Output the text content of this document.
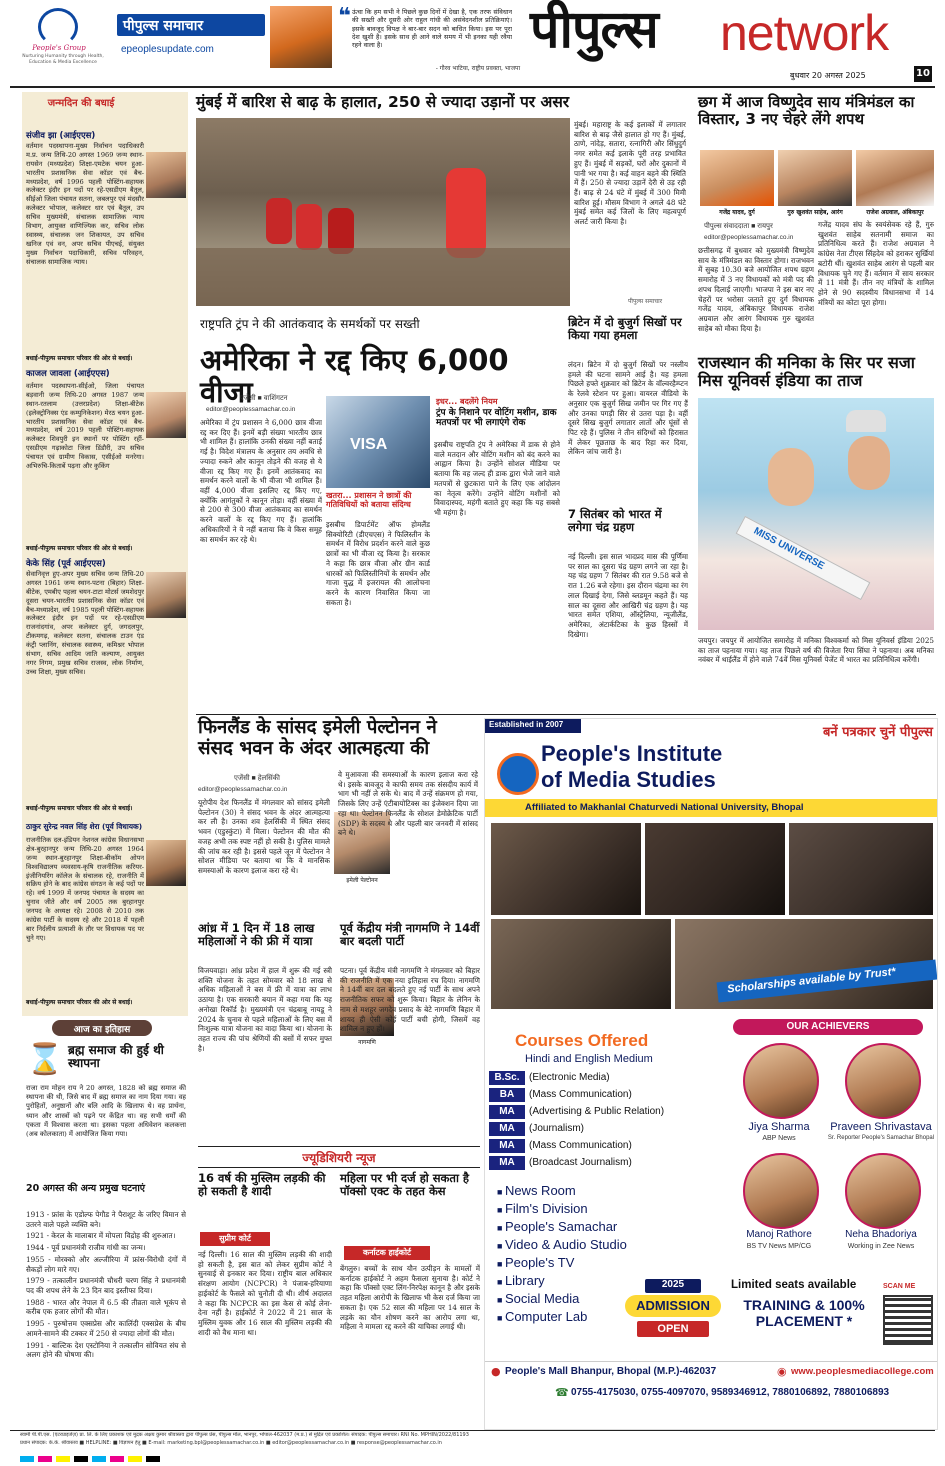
People's Group
Nurturing Humanity through Health, Education & Media Excellence
पीपुल्स समाचार
epeoplesupdate.com
❝ ऊंचा कि हम सभी ने पिछले कुछ दिनों में देखा है, एक तरफ संविधान की सख्ती और दूसरी ओर राहुल गांधी की असंवेदनशील प्रतिक्रियाएं। इसके बावजूद विपक्ष ने बार-बार सदन को बाधित किया। इस पर पूरा देश खुशी है। इसके साथ ही आने वाले समय में भी इनका यही रवैया रहने वाला है।
- गौरव भाटिया, राष्ट्रीय प्रवक्ता, भाजपा
पीपुल्स network
बुधवार 20 अगस्त 2025	10
जन्मदिन की बधाई
संजीव झा (आईएएस)
वर्तमान पदस्थापना-मुख्य निर्वाचन पदाधिकारी म.प्र. जन्म तिथि-20 अगस्त 1969 जन्म स्थान-रायसेन (मध्यप्रदेश) शिक्षा-एमटेक चयन हुआ-भारतीय प्रशासनिक सेवा कॉडर एवं बैच-मध्यप्रदेश, वर्ष 1996 पहली पोस्टिंग-सहायक कलेक्टर इंदौर इन पदों पर रहे-एसडीएम बैतूल, सीईओ जिला पंचायत सतना, जबलपुर एवं मंदसौर कलेक्टर भोपाल, कलेक्टर धार एवं बैतूल, उप सचिव मुख्यमंत्री, संचालक सामाजिक न्याय विभाग, आयुक्त वाणिज्यिक कर, सचिव लोक स्वास्थ्य, संचालक जन शिकायत, उप सचिव खनिज एवं वन, अपर सचिव पीएचई, संयुक्त मुख्य निर्वाचन पदाधिकारी, सचिव परिवहन, संचालक सामाजिक न्याय।
बधाई-पीपुल्स समाचार परिवार की ओर से बधाई।
काजल जावला (आईएएस)
वर्तमान पदस्थापना-सीईओ, जिला पंचायत बड़वानी जन्म तिथि-20 अगस्त 1987 जन्म स्थान-रतलाम (उत्तरप्रदेश) शिक्षा-बीटेक (इलेक्ट्रोनिक्स एंड कम्युनिकेशन) मेरठ चयन हुआ-भारतीय प्रशासनिक सेवा कॉडर एवं बैच-मध्यप्रदेश, वर्ष 2019 पहली पोस्टिंग-सहायक कलेक्टर शिवपुरी इन स्थानों पर पोस्टिंग रहीं-एसडीएम गढ़ाकोटा जिला डिंडौरी, उप सचिव पंचायत एवं ग्रामीण विकास, एसीईओ मनरेगा। अभिरुचि-किताबें पढ़ना और कुकिंग
बधाई-पीपुल्स समाचार परिवार की ओर से बधाई।
केके सिंह (पूर्व आईएएस)
सेवानिवृत्त हुए-अपर मुख्य सचिव जन्म तिथि-20 अगस्त 1961 जन्म स्थान-पटना (बिहार) शिक्षा-बीटेक, एमबीए पहला चयन-टाटा मोटर्स जमशेदपुर दूसरा चयन-भारतीय प्रशासनिक सेवा कॉडर एवं बैच-मध्यप्रदेश, वर्ष 1985 पहली पोस्टिंग-सहायक कलेक्टर इंदौर इन पदों पर रहे-एसडीएम राजनांदगांव, अपर कलेक्टर दुर्ग, जगदलपुर, टीकमगढ़, कलेक्टर सतना, संचालक टाउन एंड कंट्री प्लानिंग, संचालक स्वास्थ्य, कमिश्नर भोपाल संभाग, सचिव आदिम जाति कल्याण, आयुक्त नगर निगम, प्रमुख सचिव राजस्व, लोक निर्माण, उच्च शिक्षा, मुख्य सचिव।
बधाई-पीपुल्स समाचार परिवार की ओर से बधाई।
ठाकुर सुरेन्द्र नवल सिंह शेरा (पूर्व विधायक)
राजनीतिक दल-इंडियन नेशनल कांग्रेस विधानसभा क्षेत्र-बुरहानपुर जन्म तिथि-20 अगस्त 1964 जन्म स्थान-बुरहानपुर शिक्षा-बीकॉम ओपन विश्वविद्यालय व्यवसाय-कृषि राजनीतिक करियर-इंजीनियरिंग कॉलेज के संचालक रहे, राजनीति में सक्रिय होने के बाद कांग्रेस संगठन के कई पदों पर रहे। वर्ष 1999 में जनपद पंचायत के सदस्य का चुनाव जीते और वर्ष 2005 तक बुरहानपुर जनपद के अध्यक्ष रहे। 2008 से 2010 तक कांग्रेस पार्टी के सदस्य रहे और 2018 में पहली बार निर्दलीय प्रत्याशी के तौर पर विधायक पद पर चुने गए।
बधाई-पीपुल्स समाचार परिवार की ओर से बधाई।
आज का इतिहास
⌛ ब्रह्म समाज की हुई थी स्थापना
राजा राम मोहन राय ने 20 अगस्त, 1828 को ब्रह्म समाज की स्थापना की थी, जिसे बाद में ब्रह्म समाज का नाम दिया गया। वह पुरोहितों, अनुष्ठानों और बलि आदि के खिलाफ थे। वह प्रार्थना, ध्यान और शास्त्रों को पढ़ने पर केंद्रित था। वह सभी धर्मों की एकता में विश्वास करता था। इसका पहला अधिवेशन कलकत्ता (अब कोलकाता) में आयोजित किया गया।
20 अगस्त की अन्य प्रमुख घटनाएं
1913 - फ्रांस के एडोल्फ पेगौड ने पैराशूट के जरिए विमान से उतरने वाले पहले व्यक्ति बने।
1921 - केरल के मालाबार में मोपला विद्रोह की शुरुआत।
1944 - पूर्व प्रधानमंत्री राजीव गांधी का जन्म।
1955 - मोरक्को और अल्जीरिया में फ्रांस-विरोधी दंगों में सैकड़ों लोग मारे गए।
1979 - तत्कालीन प्रधानमंत्री चौधरी चरण सिंह ने प्रधानमंत्री पद की शपथ लेने के 23 दिन बाद इस्तीफा दिया।
1988 - भारत और नेपाल में 6.5 की तीव्रता वाले भूकंप से करीब एक हजार लोगों की मौत।
1995 - पुरुषोत्तम एक्सप्रेस और कालिंदी एक्सप्रेस के बीच आमने-सामने की टक्कर में 250 से ज्यादा लोगों की मौत।
1991 - बाल्टिक देश एस्टोनिया ने तत्कालीन सोवियत संघ से अलग होने की घोषणा की।
मुंबई में बारिश से बाढ़ के हालात, 250 से ज्यादा उड़ानों पर असर
मुंबई। महाराष्ट्र के कई इलाकों में लगातार बारिश से बाढ़ जैसे हालात हो गए हैं। मुंबई, ठाणे, नांदेड़, सतारा, रत्नागिरी और सिंधुदुर्ग नगर समेत कई इलाके पूरी तरह प्रभावित हुए हैं। मुंबई में सड़कों, घरों और दुकानों में पानी भर गया है। कई वाहन बहने की स्थिति में हैं। 250 से ज्यादा उड़ानें देरी से उड़ रही हैं। बाढ़ से 24 घंटे में मुंबई में 300 मिमी बारिश हुई। मौसम विभाग ने अगले 48 घंटे मुंबई समेत कई जिलों के लिए महत्वपूर्ण अलर्ट जारी किया है।
पीपुल्स समाचार
राष्ट्रपति ट्रंप ने की आतंकवाद के समर्थकों पर सख्ती
अमेरिका ने रद्द किए 6,000 वीजा
एजेंसी ■ वाशिंगटन
editor@peoplessamachar.co.in
अमेरिका में ट्रंप प्रशासन ने 6,000 छात्र वीजा रद्द कर दिए हैं। इनमें बड़ी संख्या भारतीय छात्र भी शामिल हैं। हालांकि उनकी संख्या नहीं बताई गई है। विदेश मंत्रालय के अनुसार तय अवधि से ज्यादा रुकने और कानून तोड़ने की वजह से ये वीजा रद्द किए गए हैं। इनमें आतंकवाद का समर्थन करने वालों के भी वीजा भी शामिल हैं। वहीं 4,000 वीजा इसलिए रद्द किए गए, क्योंकि आगंतुकों ने कानून तोड़ा। वहीं संख्या में से 200 से 300 वीजा आतंकवाद का समर्थन करने वालों के रद्द किए गए हैं। हालांकि अधिकारियों ने ये नहीं बताया कि वे किस समूह का समर्थन कर रहे थे।
VISA
इधर... बदलेंगे नियम
ट्रंप के निशाने पर वोटिंग मशीन, डाक मतपत्रों पर भी लगाएंगे रोक
इसबीच राष्ट्रपति ट्रंप ने अमेरिका में डाक से होने वाले मतदान और वोटिंग मशीन को बंद करने का आह्वान किया है। उन्होंने सोशल मीडिया पर बताया कि वह जल्द ही डाक द्वारा भेजे जाने वाले मतपत्रों से छुटकारा पाने के लिए एक आंदोलन का नेतृत्व करेंगे। उन्होंने वोटिंग मशीनों को विवादास्पद, महंगी बताते हुए कहा कि यह सबसे भी महंगा है।
खतरा... प्रशासन ने छात्रों की गतिविधियों को बताया संदिग्ध
इसबीच डिपार्टमेंट ऑफ होमलैंड सिक्योरिटी (डीएचएस) ने फिलिस्तीन के समर्थन में विरोध प्रदर्शन करने वाले कुछ छात्रों का भी वीजा रद्द किया है। सरकार ने कहा कि छात्र वीजा और ग्रीन कार्ड धारकों को फिलिस्तीनियों के समर्थन और गाजा युद्ध में इजरायल की आलोचना करने के कारण निवासित किया जा सकता है।
ब्रिटेन में दो बुजुर्ग सिखों पर किया गया हमला
लंदन। ब्रिटेन में दो बुजुर्ग सिखों पर नस्लीय हमले की घटना सामने आई है। यह हमला पिछले हफ्ते शुक्रवार को ब्रिटेन के वॉल्वरहैम्प्टन के रेलवे स्टेशन पर हुआ। वायरल वीडियो के अनुसार एक बुजुर्ग सिख जमीन पर गिर गए हैं और उनका पगड़ी सिर से उतरा पड़ा है। वहीं दूसरे सिख बुजुर्ग लगातार लातों और घूंसों से पिट रहे हैं। पुलिस ने तीन संदिग्धों को हिरासत में लेकर पूछताछ के बाद रिहा कर दिया, लेकिन जांच जारी है।
7 सितंबर को भारत में लगेगा चंद्र ग्रहण
नई दिल्ली। इस साल भादप्रद मास की पूर्णिमा पर साल का दूसरा चंद्र ग्रहण लगने जा रहा है। यह चंद्र ग्रहण 7 सितंबर की रात 9.58 बजे से रात 1.26 बजे रहेगा। इस दौरान चंद्रमा का रंग लाल दिखाई देगा, जिसे ब्लडमून कहते हैं। यह साल का दूसरा और आखिरी चंद्र ग्रहण है। यह भारत समेत एशिया, ऑस्ट्रेलिया, न्यूजीलैंड, अमेरिका, अंटार्कटिका के कुछ हिस्सों में दिखेगा।
छग में आज विष्णुदेव साय मंत्रिमंडल का विस्तार, 3 नए चेहरे लेंगे शपथ
गजेंद्र यादव, दुर्ग	गुरु खुशवंत साहेब, आरंग	राजेश अग्रवाल, अंबिकापुर
पीपुल्स संवाददाता ■ रायपुर
editor@peoplessamachar.co.in
छत्तीसगढ़ में बुधवार को मुख्यमंत्री विष्णुदेव साय के मंत्रिमंडल का विस्तार होगा। राजभवन में सुबह 10.30 बजे आयोजित शपथ ग्रहण समारोह में 3 नए विधायकों को मंत्री पद की शपथ दिलाई जाएगी। भाजपा ने इस बार नए चेहरों पर भरोसा जताते हुए दुर्ग विधायक गजेंद्र यादव, अंबिकापुर विधायक राजेश अग्रवाल और आरंग विधायक गुरु खुशवंत साहेब को मौका दिया है।
गजेंद्र यादव संघ के स्वयंसेवक रहे हैं, गुरु खुशवंत साहेब सतनामी समाज का प्रतिनिधित्व करते हैं। राजेश अग्रवाल ने कांग्रेस नेता टीएस सिंहदेव को हराकर सुर्खियां बटोरी थीं। खुशवंत साहेब आरंग से पहली बार विधायक चुने गए हैं। वर्तमान में साय सरकार में 11 मंत्री हैं। तीन नए मंत्रियों के शामिल होने से 90 सदस्यीय विधानसभा में 14 मंत्रियों का कोटा पूरा होगा।
राजस्थान की मनिका के सिर पर सजा मिस यूनिवर्स इंडिया का ताज
MISS UNIVERSE
जयपुर। जयपुर में आयोजित समारोह में मनिका विश्वकर्मा को मिस यूनिवर्स इंडिया 2025 का ताज पहनाया गया। यह ताज पिछले वर्ष की विजेता रिया सिंघा ने पहनाया। अब मनिका नवंबर में थाईलैंड में होने वाले 74वें मिस यूनिवर्स पेजेंट में भारत का प्रतिनिधित्व करेंगी।
फिनलैंड के सांसद इमेली पेल्टोनन ने संसद भवन के अंदर आत्महत्या की
एजेंसी ■ हेलसिंकी
editor@peoplessamachar.co.in
यूरोपीय देश फिनलैंड में मंगलवार को सांसद इमेली पेल्टोनन (30) ने संसद भवन के अंदर आत्महत्या कर ली है। उनका शव हेलसिंकी में स्थित संसद भवन (एडुस्कुंटा) में मिला। पेल्टोनन की मौत की वजह अभी तक स्पष्ट नहीं हो सकी है। पुलिस मामले की जांच कर रही है। इससे पहले जून में पेल्टोनन ने सोशल मीडिया पर बताया था कि वे मानसिक समस्याओं के कारण इलाज करा रहे थे।
इमेली पेल्टोनन
वे मुआवजा की समस्याओं के कारण इलाज करा रहे थे। इसके बावजूद वे काफी समय तक संसदीय कार्य में भाग भी नहीं ले सके थे। बाद में उन्हें संक्रमण हो गया, जिसके लिए उन्हें एंटीबायोटिक्स का इंजेक्शन दिया जा रहा था। पेल्टोनन फिनलैंड के सोशल डेमोक्रेटिक पार्टी (SDP) के सदस्य थे और पहली बार जनवरी में सांसद बने थे।
आंध्र में 1 दिन में 18 लाख महिलाओं ने की फ्री में यात्रा
विजयवाड़ा। आंध्र प्रदेश में हाल में शुरू की गई स्त्री शक्ति योजना के तहत सोमवार को 18 लाख से अधिक महिलाओं ने बस में फ्री में यात्रा का लाभ उठाया है। एक सरकारी बयान में कहा गया कि यह अनोखा रिकॉर्ड है। मुख्यमंत्री एन चंद्रबाबू नायडू ने 2024 के चुनाव से पहले महिलाओं के लिए बस में निःशुल्क यात्रा योजना का वादा किया था। योजना के तहत राज्य की पांच श्रेणियों की बसों में सफर मुफ्त है।
पूर्व केंद्रीय मंत्री नागमणि ने 14वीं बार बदली पार्टी
नागमणि
पटना। पूर्व केंद्रीय मंत्री नागमणि ने मंगलवार को बिहार की राजनीति में एक नया इतिहास रच दिया। नागमणि ने 14वीं बार दल बदलते हुए नई पार्टी के साथ अपने राजनीतिक सफर को शुरू किया। बिहार के लेनिन के नाम से मशहूर जगदेव प्रसाद के बेटे नागमणि बिहार में शायद ही ऐसी कोई पार्टी बची होगी, जिसमें वह शामिल न हुए हों।
ज्यूडिशियरी न्यूज
16 वर्ष की मुस्लिम लड़की की हो सकती है शादी
सुप्रीम कोर्ट
नई दिल्ली। 16 साल की मुस्लिम लड़की की शादी हो सकती है, इस बात को लेकर सुप्रीम कोर्ट ने सुनवाई से इनकार कर दिया। राष्ट्रीय बाल अधिकार संरक्षण आयोग (NCPCR) ने पंजाब-हरियाणा हाईकोर्ट के फैसले को चुनौती दी थी। शीर्ष अदालत ने कहा कि NCPCR का इस केस से कोई लेना-देना नहीं है। हाईकोर्ट ने 2022 में 21 साल के मुस्लिम युवक और 16 साल की मुस्लिम लड़की की शादी को वैध माना था।
महिला पर भी दर्ज हो सकता है पॉक्सो एक्ट के तहत केस
कर्नाटक हाईकोर्ट
बेंगलुरु। बच्चों के साथ यौन उत्पीड़न के मामलों में कर्नाटक हाईकोर्ट ने अहम फैसला सुनाया है। कोर्ट ने कहा कि पॉक्सो एक्ट लिंग-निरपेक्ष कानून है और इसके तहत महिला आरोपी के खिलाफ भी केस दर्ज किया जा सकता है। एक 52 साल की महिला पर 14 साल के लड़के का यौन शोषण करने का आरोप लगा था, महिला ने मामला रद्द करने की याचिका लगाई थी।
Established in 2007
बनें पत्रकार चुनें पीपुल्स
People's Institute
of Media Studies
Affiliated to Makhanlal Chaturvedi National University, Bhopal
Scholarships available by Trust*
Courses Offered
Hindi and English Medium
B.Sc. (Electronic Media)
BA	(Mass Communication)
MA	(Advertising & Public Relation)
MA	(Journalism)
MA	(Mass Communication)
MA	(Broadcast Journalism)
■ News Room
■ Film's Division
■ People's Samachar
■ Video & Audio Studio
■ People's TV
■ Library
■ Social Media
■ Computer Lab
OUR ACHIEVERS
Jiya Sharma
ABP News
Praveen Shrivastava
Sr. Reporter People's Samachar Bhopal
Manoj Rathore
BS TV News MP/CG
Neha Bhadoriya
Working in Zee News
2025
ADMISSION
OPEN
Limited seats available
TRAINING & 100% PLACEMENT *
SCAN ME
● People's Mall Bhanpur, Bhopal (M.P.)-462037	◉ www.peoplesmediacollege.com
☎ 0755-4175030, 0755-4097070, 9589346912, 7880106892, 7880106893
स्वामी पी.पी.एस. (एंटरप्राइजेज़) प्रा. लि. के लिए प्रकाशक एवं मुद्रक अक्षय कुमार श्रीवास्तव द्वारा पीपुल्स प्रेस, पीपुल्स मॉल, भानपुर, भोपाल-462037 (म.प्र.) से मुद्रित एवं प्रकाशित। संपादक: पीपुल्स समाचार। RNI No. MPHIN/2022/81193
प्रधान संपादक: के.के. श्रीवास्तव ■ HELPLINE: ■ विज्ञापन हेतु ■ E-mail: marketing.bpl@peoplessamachar.co.in ■ editor@peoplessamachar.co.in ■ response@peoplessamachar.co.in
